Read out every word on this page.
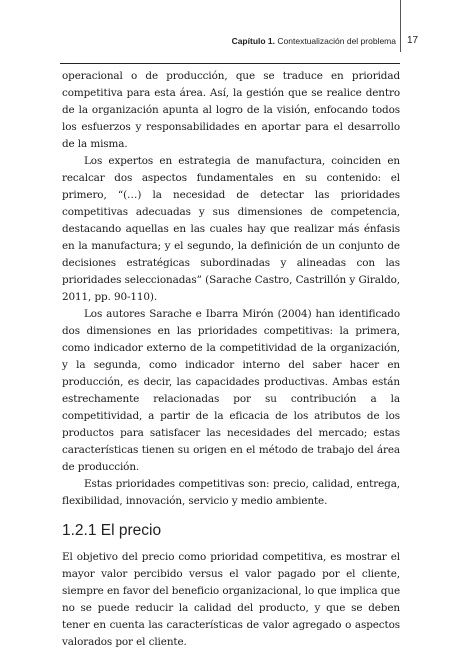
Capítulo 1. Contextualización del problema 17

operacional o de producción, que se traduce en prioridad competitiva para esta área. Así, la gestión que se realice dentro de la organización apunta al logro de la visión, enfocando todos los esfuerzos y responsabilidades en aportar para el desarrollo de la misma.

Los expertos en estrategia de manufactura, coinciden en recalcar dos aspectos fundamentales en su contenido: el primero, “(…) la necesidad de detectar las prioridades competitivas adecuadas y sus dimensiones de competencia, destacando aquellas en las cuales hay que realizar más énfasis en la manufactura; y el segundo, la definición de un conjunto de decisiones estratégicas subordinadas y alineadas con las prioridades seleccionadas” (Sarache Castro, Castrillón y Giraldo, 2011, pp. 90-110).

Los autores Sarache e Ibarra Mirón (2004) han identificado dos dimensiones en las prioridades competitivas: la primera, como indicador externo de la competitividad de la organización, y la segunda, como indicador interno del saber hacer en producción, es decir, las capacidades productivas. Ambas están estrechamente relacionadas por su contribución a la competitividad, a partir de la eficacia de los atributos de los productos para satisfacer las necesidades del mercado; estas características tienen su origen en el método de trabajo del área de producción.

Estas prioridades competitivas son: precio, calidad, entrega, flexibilidad, innovación, servicio y medio ambiente.

1.2.1 El precio

El objetivo del precio como prioridad competitiva, es mostrar el mayor valor percibido versus el valor pagado por el cliente, siempre en favor del beneficio organizacional, lo que implica que no se puede reducir la calidad del producto, y que se deben tener en cuenta las características de valor agregado o aspectos valorados por el cliente.
